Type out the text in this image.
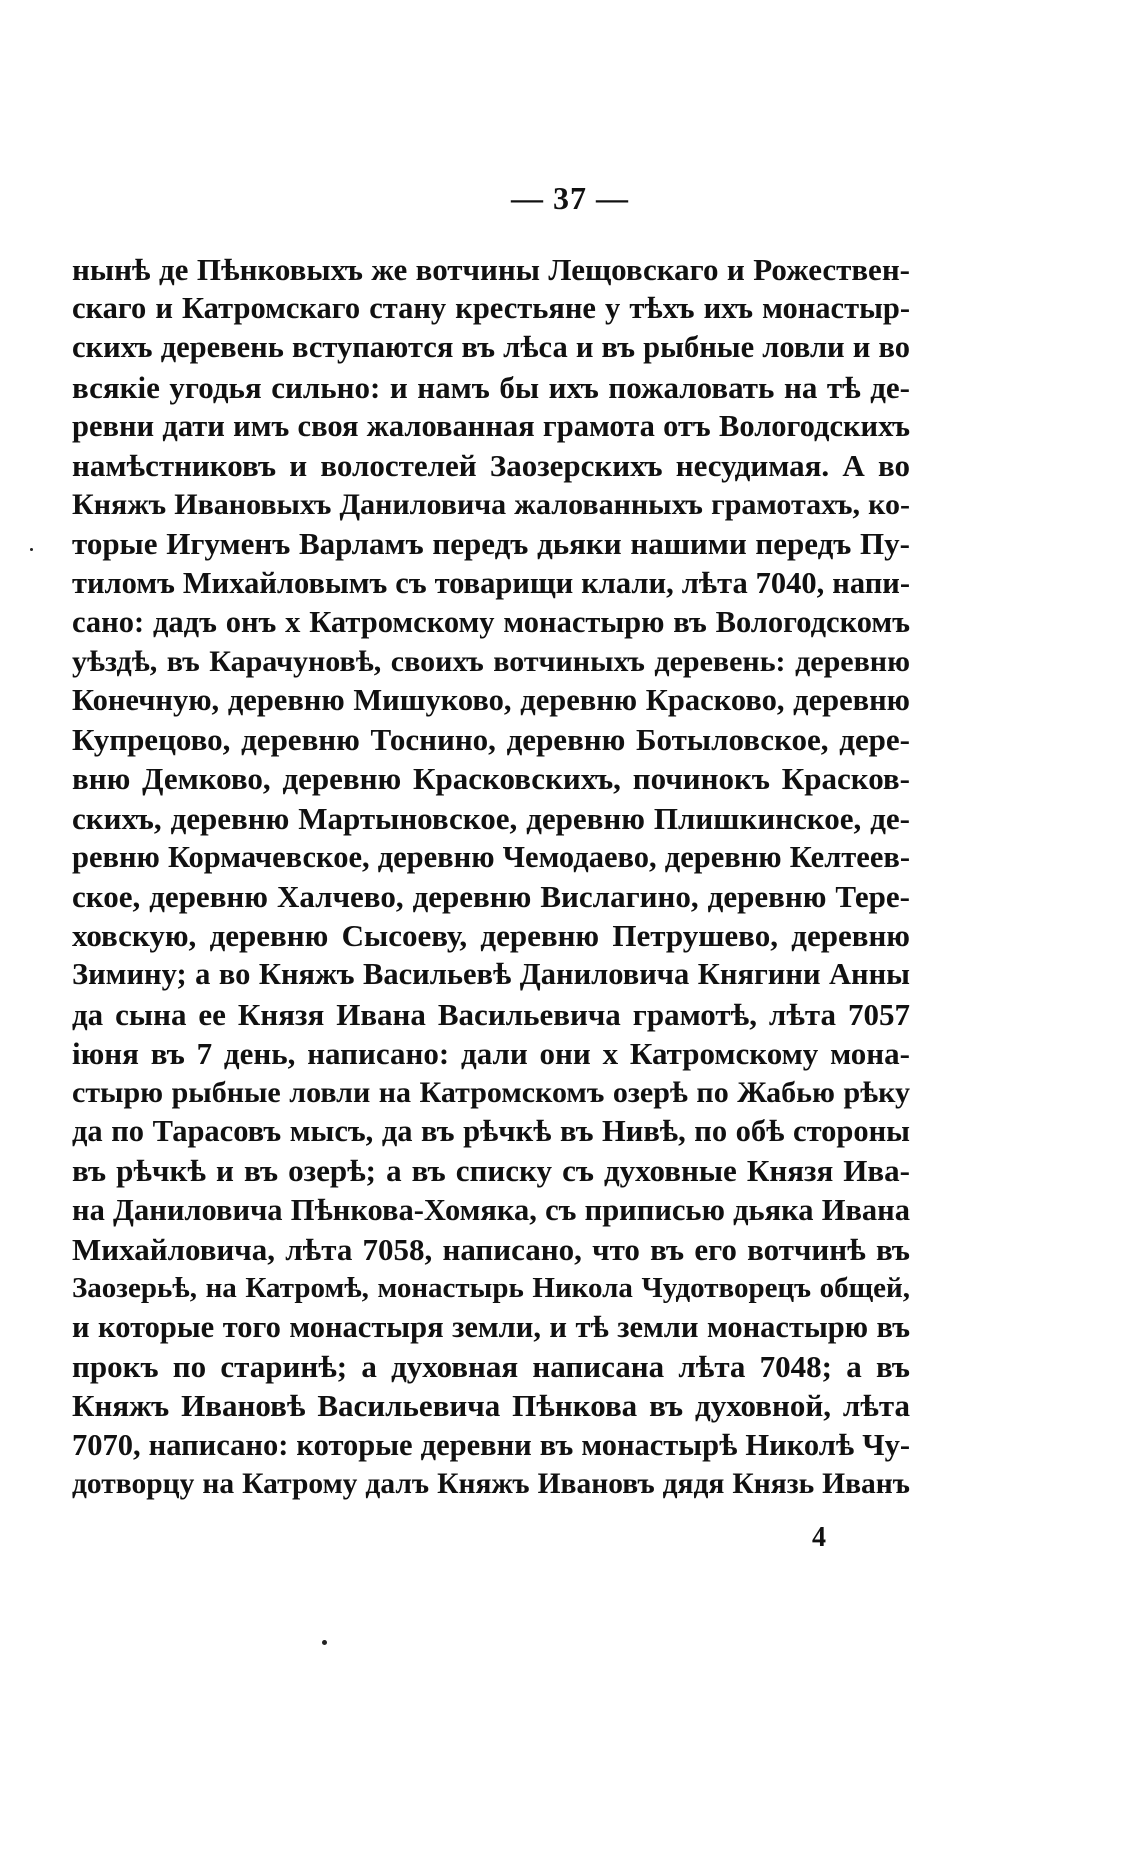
— 37 —
нынѣ де Пѣнковыхъ же вотчины Лещовскаго и Рожествен-
скаго и Катромскаго стану крестьяне у тѣхъ ихъ монастыр-
скихъ деревень вступаются въ лѣса и въ рыбные ловли и во
всякіе угодья сильно: и намъ бы ихъ пожаловать на тѣ де-
ревни дати имъ своя жалованная грамота отъ Вологодскихъ
намѣстниковъ и волостелей Заозерскихъ несудимая. А во
Княжъ Ивановыхъ Даниловича жалованныхъ грамотахъ, ко-
торые Игуменъ Варламъ передъ дьяки нашими передъ Пу-
тиломъ Михайловымъ съ товарищи клали, лѣта 7040, напи-
сано: дадъ онъ х Катромскому монастырю въ Вологодскомъ
уѣздѣ, въ Карачуновѣ, своихъ вотчиныхъ деревень: деревню
Конечную, деревню Мишуково, деревню Красково, деревню
Купрецово, деревню Тоснино, деревню Ботыловское, дере-
вню Демково, деревню Красковскихъ, починокъ Красков-
скихъ, деревню Мартыновское, деревню Плишкинское, де-
ревню Кормачевское, деревню Чемодаево, деревню Келтеев-
ское, деревню Халчево, деревню Вислагино, деревню Тере-
ховскую, деревню Сысоеву, деревню Петрушево, деревню
Зимину; а во Княжъ Васильевѣ Даниловича Княгини Анны
да сына ее Князя Ивана Васильевича грамотѣ, лѣта 7057
іюня въ 7 день, написано: дали они х Катромскому мона-
стырю рыбные ловли на Катромскомъ озерѣ по Жабью рѣку
да по Тарасовъ мысъ, да въ рѣчкѣ въ Нивѣ, по обѣ стороны
въ рѣчкѣ и въ озерѣ; а въ списку съ духовные Князя Ива-
на Даниловича Пѣнкова-Хомяка, съ приписью дьяка Ивана
Михайловича, лѣта 7058, написано, что въ его вотчинѣ въ
Заозерьѣ, на Катромѣ, монастырь Никола Чудотворецъ общей,
и которые того монастыря земли, и тѣ земли монастырю въ
прокъ по старинѣ; а духовная написана лѣта 7048; а въ
Княжъ Ивановѣ Васильевича Пѣнкова въ духовной, лѣта
7070, написано: которые деревни въ монастырѣ Николѣ Чу-
дотворцу на Катрому далъ Княжъ Ивановъ дядя Князь Иванъ
4
